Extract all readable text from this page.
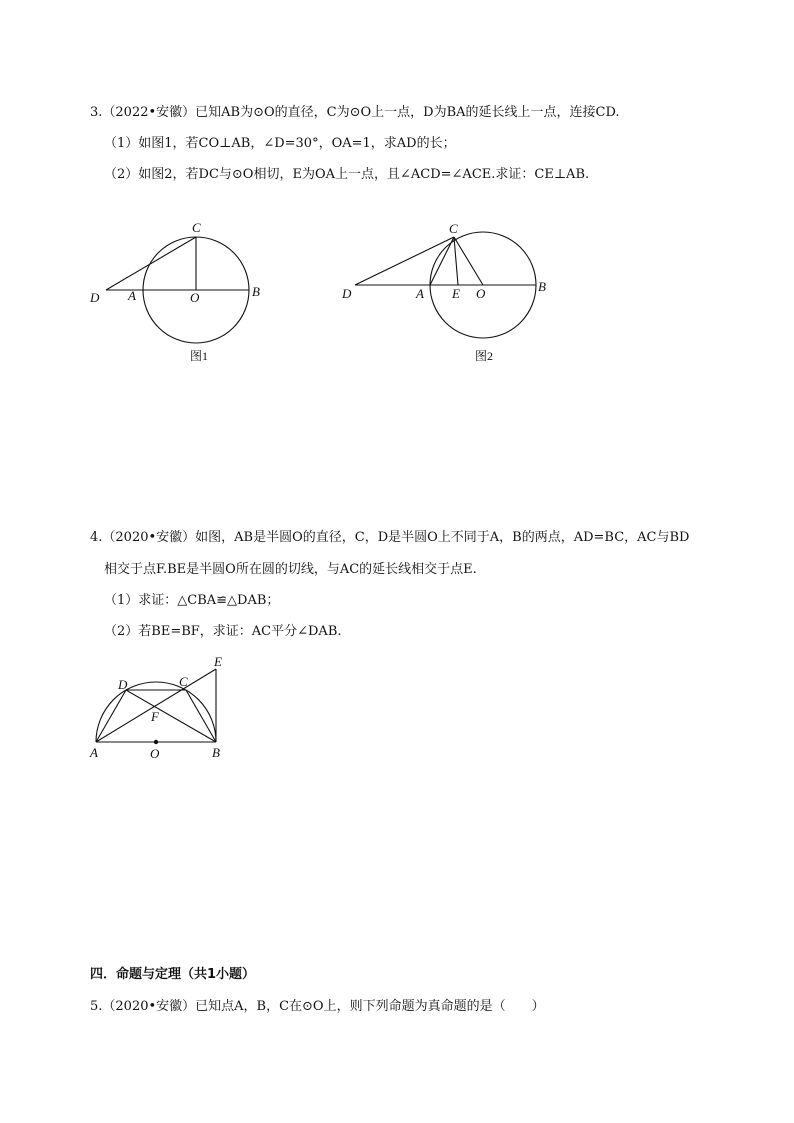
3.（2022•安徽）已知AB为⊙O的直径，C为⊙O上一点，D为BA的延长线上一点，连接CD.
（1）如图1，若CO⊥AB，∠D=30°，OA=1，求AD的长；
（2）如图2，若DC与⊙O相切，E为OA上一点，且∠ACD=∠ACE.求证：CE⊥AB.
C
D A	O	B
图1
C
D	A E O	B
图2
D	C
E
F
A	O	B
4.（2020•安徽）如图，AB是半圆O的直径，C，D是半圆O上不同于A，B的两点，AD=BC，AC与BD
相交于点F.BE是半圆O所在圆的切线，与AC的延长线相交于点E.
（1）求证：△CBA≌△DAB；
（2）若BE=BF，求证：AC平分∠DAB.
四．命题与定理（共1小题）
5.（2020•安徽）已知点A，B，C在⊙O上，则下列命题为真命题的是（　　）
